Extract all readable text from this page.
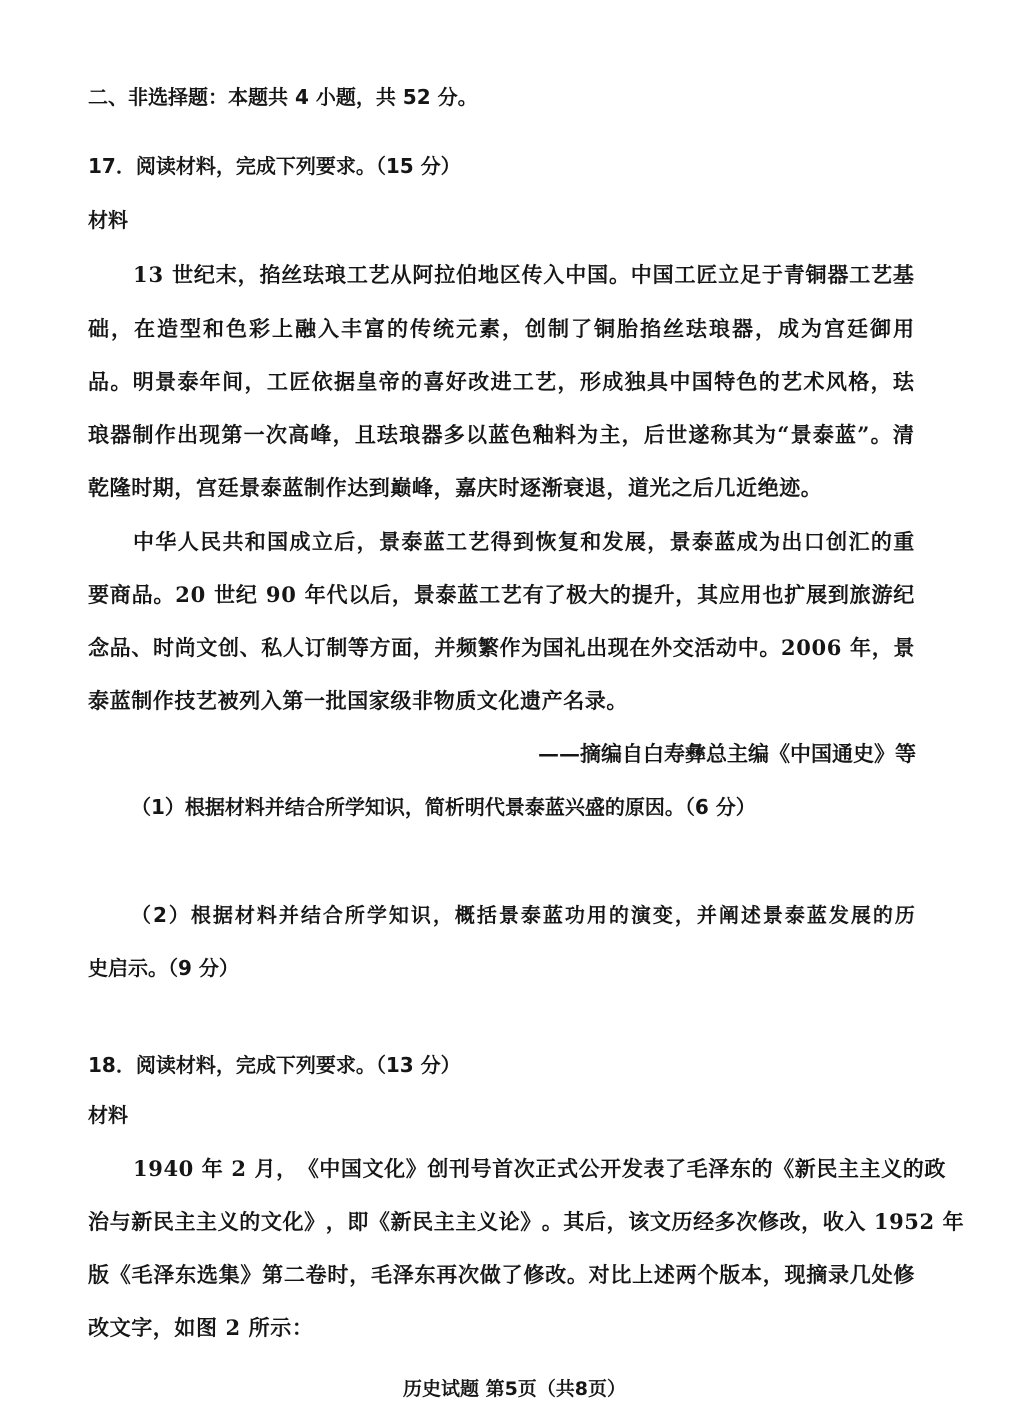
二、非选择题：本题共 4 小题，共 52 分。
17．阅读材料，完成下列要求。（15 分）
材料
1 3
世 纪 末 ， 掐 丝 珐 琅 工 艺 从 阿 拉 伯 地 区 传 入 中 国 。 中 国 工 匠 立 足 于 青 铜 器 工 艺 基
础 ， 在 造 型 和 色 彩 上 融 入 丰 富 的 传 统 元 素 ， 创 制 了 铜 胎 掐 丝 珐 琅 器 ， 成 为 宫 廷 御 用
品 。 明 景 泰 年 间 ， 工 匠 依 据 皇 帝 的 喜 好 改 进 工 艺 ， 形 成 独 具 中 国 特 色 的 艺 术 风 格 ， 珐
琅 器 制 作 出 现 第 一 次 高 峰 ， 且 珐 琅 器 多 以 蓝 色 釉 料 为 主 ， 后 世 遂 称 其 为 “ 景 泰 蓝 ” 。 清
乾隆时期，宫廷景泰蓝制作达到巅峰，嘉庆时逐渐衰退，道光之后几近绝迹。
中 华 人 民 共 和 国 成 立 后 ， 景 泰 蓝 工 艺 得 到 恢 复 和 发 展 ， 景 泰 蓝 成 为 出 口 创 汇 的 重
要 商 品 。 2 0
世 纪
9 0
年 代 以 后 ， 景 泰 蓝 工 艺 有 了 极 大 的 提 升 ， 其 应 用 也 扩 展 到 旅 游 纪
念 品 、 时 尚 文 创 、 私 人 订 制 等 方 面 ， 并 频 繁 作 为 国 礼 出 现 在 外 交 活 动 中 。 2 0 0 6
年 ， 景
泰蓝制作技艺被列入第一批国家级非物质文化遗产名录。
——摘编自白寿彝总主编《中国通史》等
（1）根据材料并结合所学知识，简析明代景泰蓝兴盛的原因。（6 分）
（ 2 ） 根 据 材 料 并 结 合 所 学 知 识 ， 概 括 景 泰 蓝 功 用 的 演 变 ， 并 阐 述 景 泰 蓝 发 展 的 历
史启示。（9 分）
18．阅读材料，完成下列要求。（13 分）
材料
1 9 4 0
年
2
月 ， 《 中 国 文 化 》 创 刊 号 首 次 正 式 公 开 发 表 了 毛 泽 东 的 《 新 民 主 主 义 的 政
治 与 新 民 主 主 义 的 文 化 》 ， 即 《 新 民 主 主 义 论 》 。 其 后 ， 该 文 历 经 多 次 修 改 ， 收 入
1 9 5 2
年
版 《 毛 泽 东 选 集 》 第 二 卷 时 ， 毛 泽 东 再 次 做 了 修 改 。 对 比 上 述 两 个 版 本 ， 现 摘 录 几 处 修
改文字，如图 2 所示：
历史试题 第5页（共8页）
